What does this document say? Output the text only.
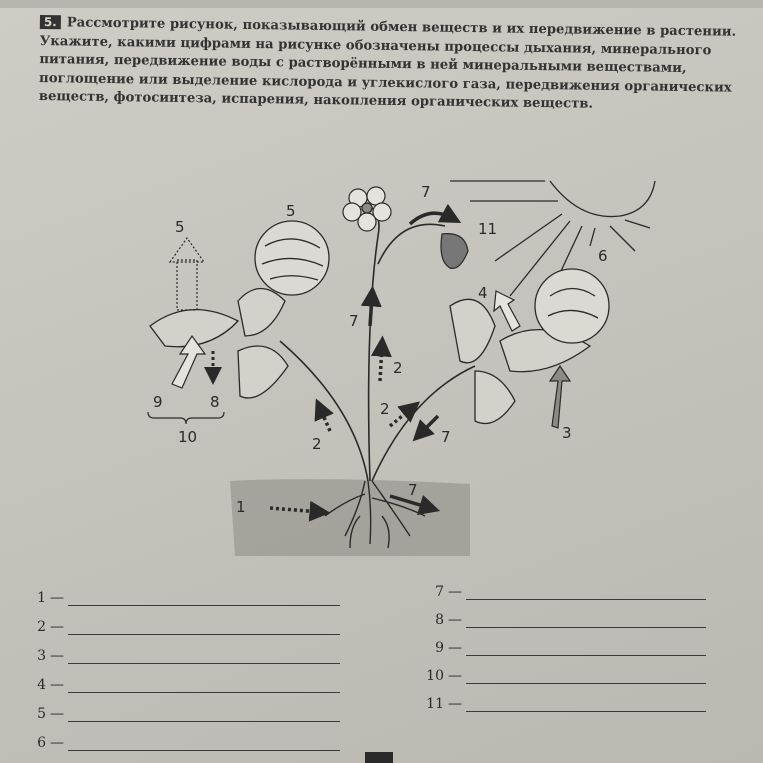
5. Рассмотрите рисунок, показывающий обмен веществ и их передвижение в растении. Укажите, какими цифрами на рисунке обозначены процессы дыхания, минерального питания, передвижение воды с растворёнными в ней минеральными веществами, поглощение или выделение кислорода и углекислого газа, передвижения органических веществ, фотосинтеза, испарения, накопления органических веществ.
5
5
7
11
6
4
7
2
9	8	2
3
7
10	2
7
1
1 —
2 —
3 —
4 —
5 —
6 —
7 —
8 —
9 —
10 —
11 —
